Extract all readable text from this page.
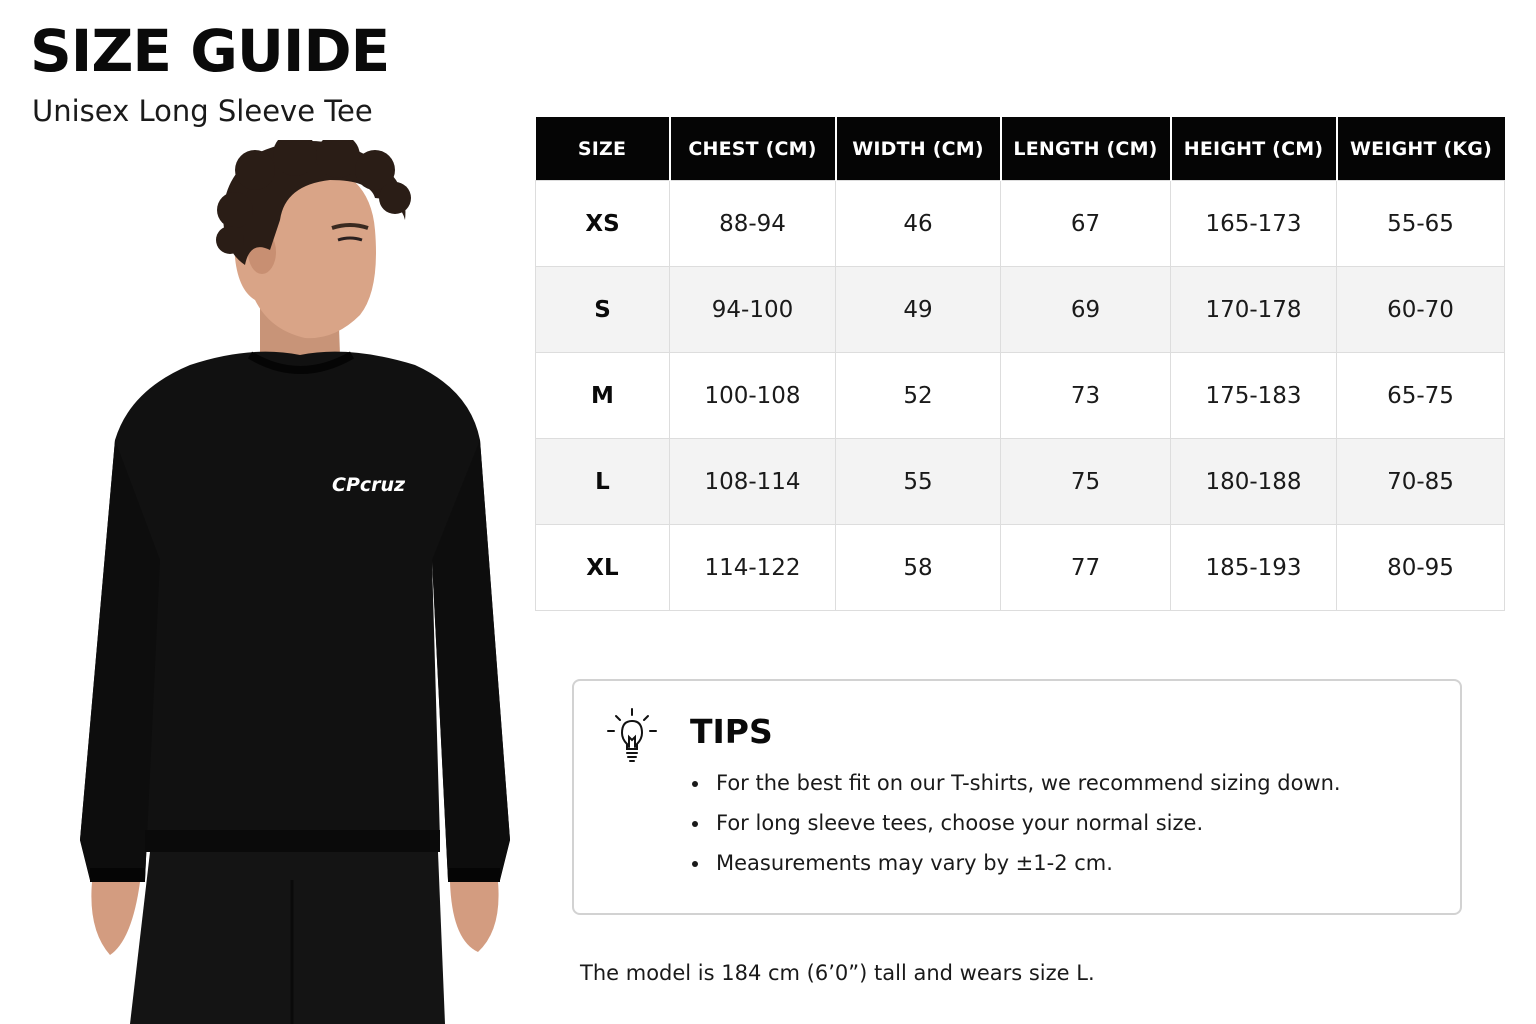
SIZE GUIDE

Unisex Long Sleeve Tee

CPcruz
SIZE	CHEST (CM)	WIDTH (CM)	LENGTH (CM)	HEIGHT (CM)	WEIGHT (KG)
XS	88-94	46	67	165-173	55-65
S	94-100	49	69	170-178	60-70
M	100-108	52	73	175-183	65-75
L	108-114	55	75	180-188	70-85
XL	114-122	58	77	185-193	80-95
TIPS
For the best fit on our T-shirts, we recommend sizing down.
For long sleeve tees, choose your normal size.
Measurements may vary by ±1-2 cm.

The model is 184 cm (6’0”) tall and wears size L.
